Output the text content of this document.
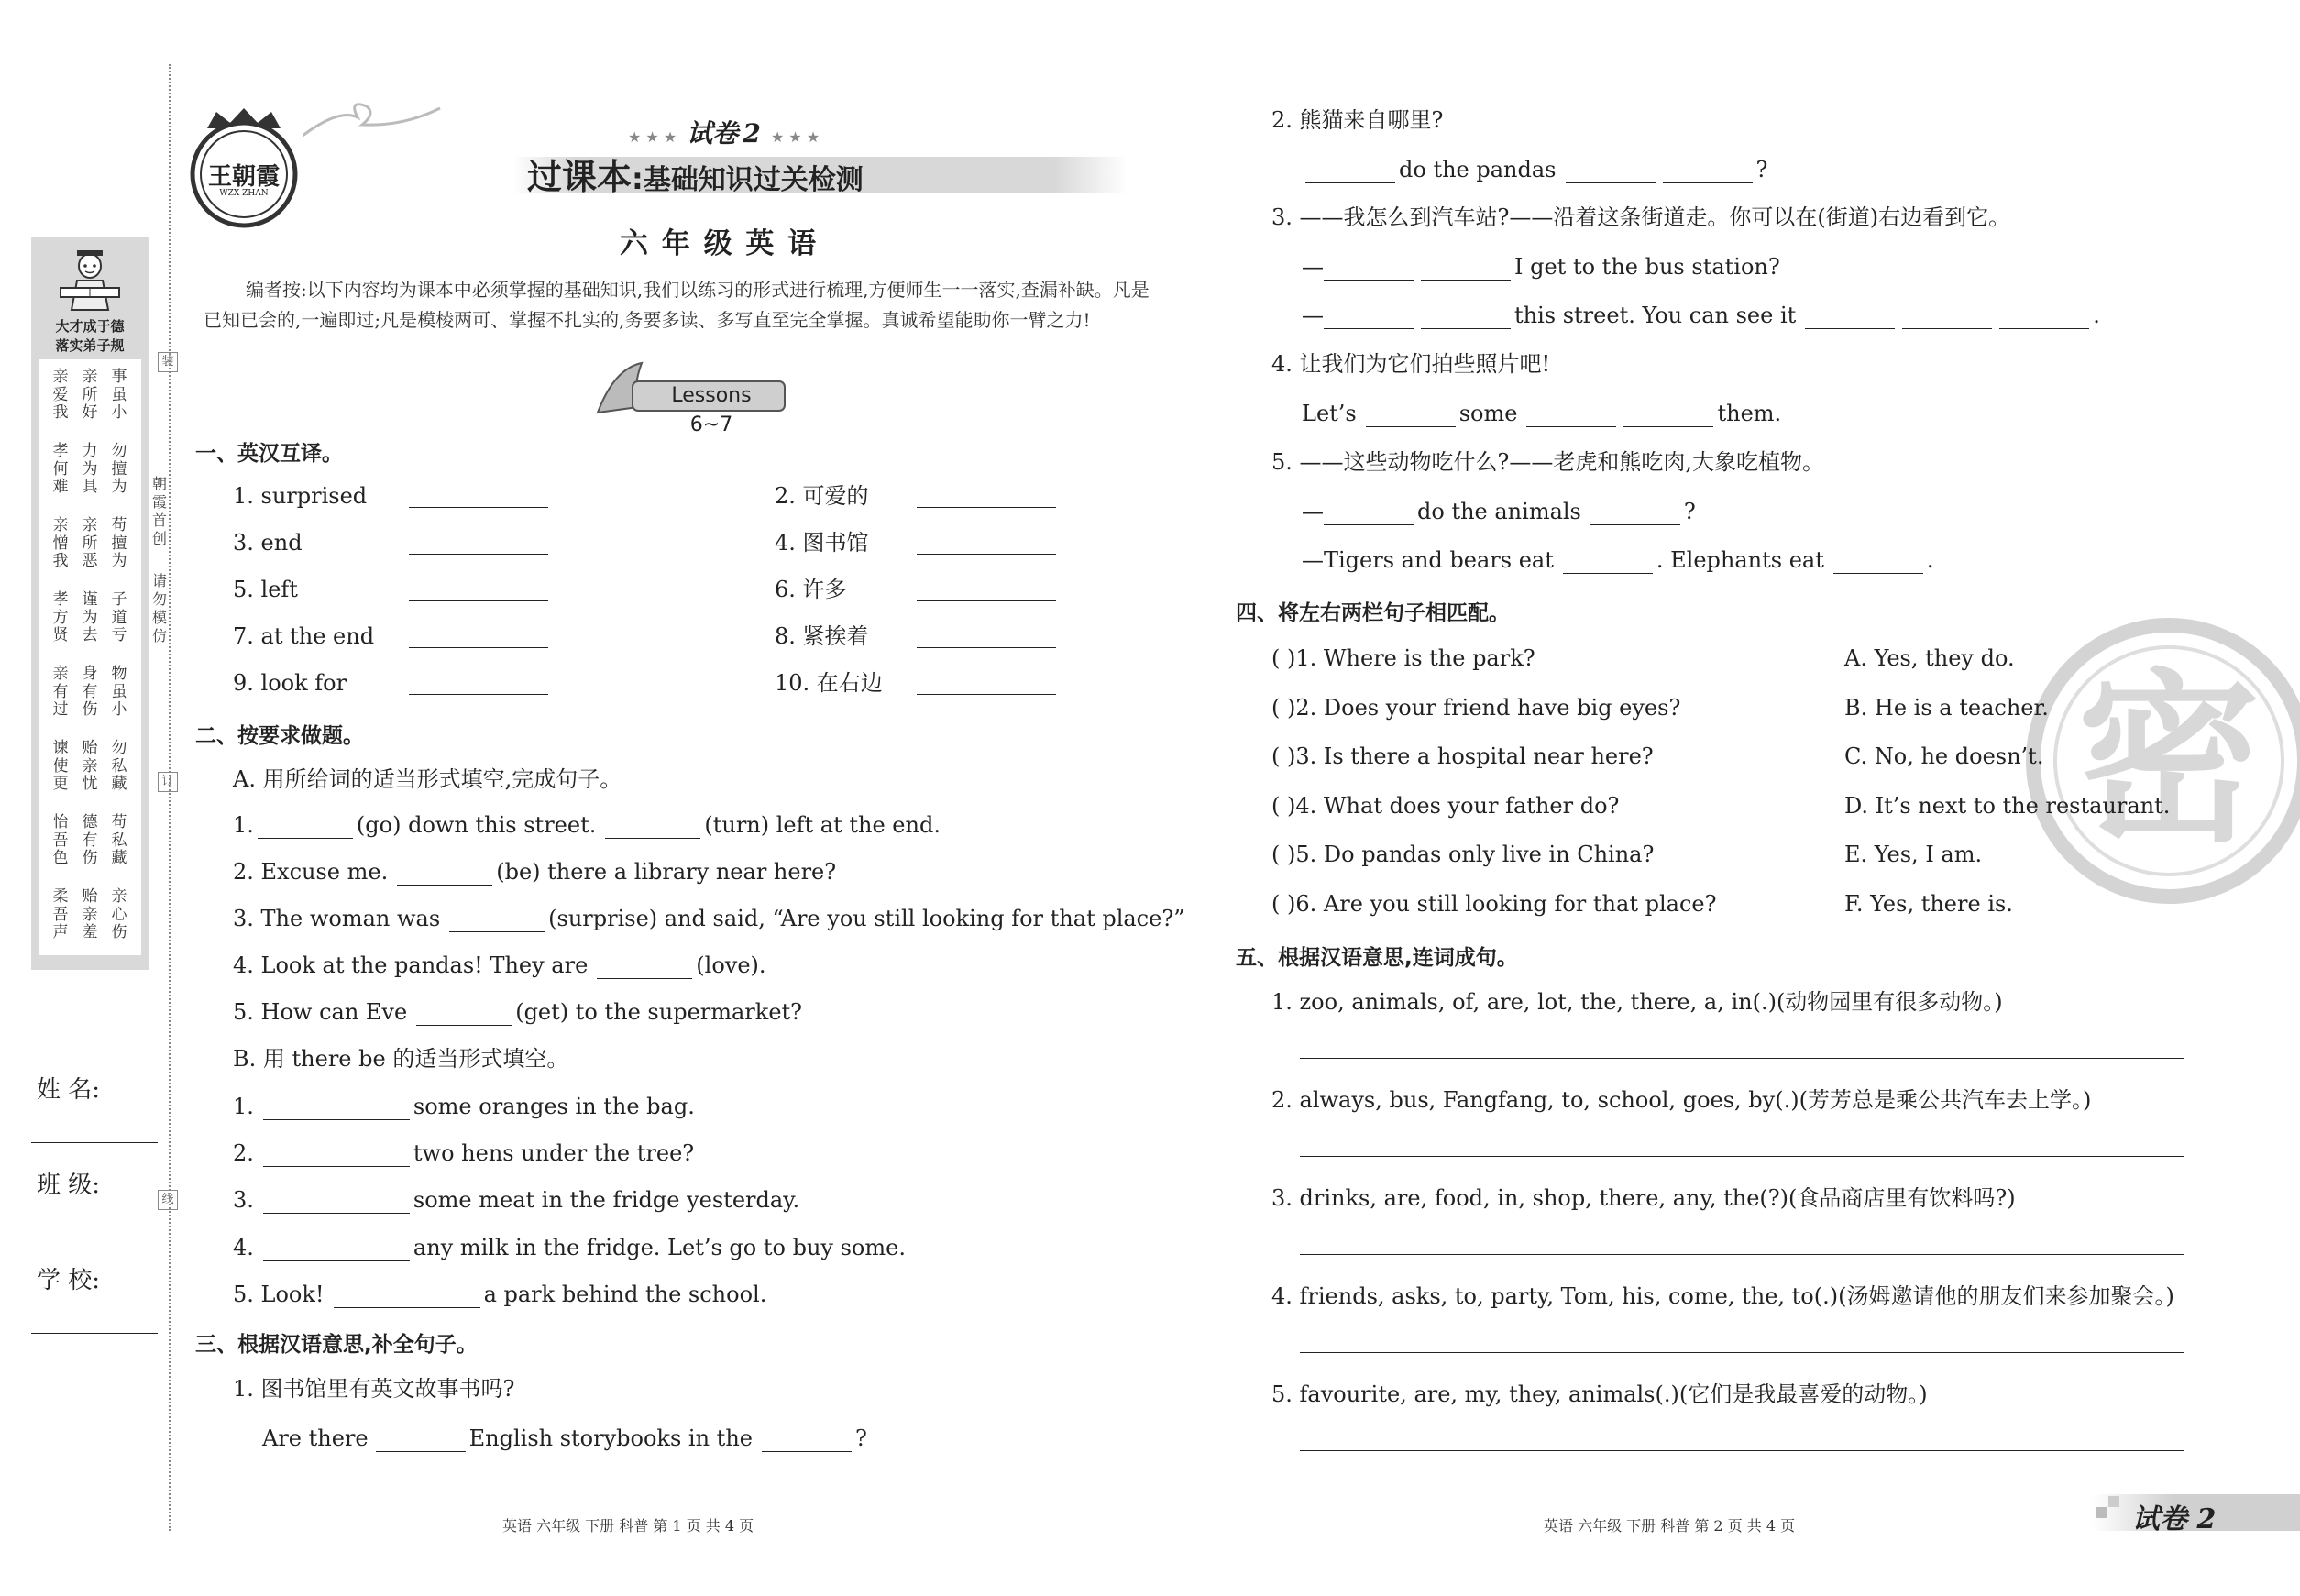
大才成于德
落实弟子规
亲爱我
亲所好
事虽小
孝何难
力为具
勿擅为
亲憎我
亲所恶
苟擅为
孝方贤
谨为去
子道亏
亲有过
身有伤
物虽小
谏使更
贻亲忧
勿私藏
怡吾色
德有伤
苟私藏
柔吾声
贻亲羞
亲心伤
朝霞首创
请勿模仿
装
订
线
姓 名:
班 级:
学 校:
王朝霞
WZX ZHAN
★ ★ ★ 试卷 2 ★ ★ ★
过课本:基础知识过关检测
六 年 级 英 语
编者按:以下内容均为课本中必须掌握的基础知识,我们以练习的形式进行梳理,方便师生一一落实,查漏补缺。凡是已知已会的,一遍即过;凡是模棱两可、掌握不扎实的,务要多读、多写直至完全掌握。真诚希望能助你一臂之力!
Lessons 6~7
一、英汉互译。
1. surprised	2. 可爱的
3. end	4. 图书馆
5. left	6. 许多
7. at the end	8. 紧挨着
9. look for	10. 在右边
二、按要求做题。
A. 用所给词的适当形式填空,完成句子。
1.	(go) down this street.	(turn) left at the end.
2. Excuse me.	(be) there a library near here?
3. The woman was	(surprise) and said, “Are you still looking for that place?”
4. Look at the pandas! They are	(love).
5. How can Eve	(get) to the supermarket?
B. 用 there be 的适当形式填空。
1.	some oranges in the bag.
2.	two hens under the tree?
3.	some meat in the fridge yesterday.
4.	any milk in the fridge. Let’s go to buy some.
5. Look!	a park behind the school.
三、根据汉语意思,补全句子。
1. 图书馆里有英文故事书吗?
Are there	English storybooks in the	?
2. 熊猫来自哪里?
do the pandas	?
3. ——我怎么到汽车站?——沿着这条街道走。你可以在(街道)右边看到它。
—	I get to the bus station?
—	this street. You can see it	.
4. 让我们为它们拍些照片吧!
Let’s	some	them.
5. ——这些动物吃什么?——老虎和熊吃肉,大象吃植物。
—	do the animals	?
—Tigers and bears eat	. Elephants eat	.
密
四、将左右两栏句子相匹配。
( )1. Where is the park?	A. Yes, they do.
( )2. Does your friend have big eyes?	B. He is a teacher.
( )3. Is there a hospital near here?	C. No, he doesn’t.
( )4. What does your father do?	D. It’s next to the restaurant.
( )5. Do pandas only live in China?	E. Yes, I am.
( )6. Are you still looking for that place?	F. Yes, there is.
五、根据汉语意思,连词成句。
1. zoo, animals, of, are, lot, the, there, a, in(.)(动物园里有很多动物。)
2. always, bus, Fangfang, to, school, goes, by(.)(芳芳总是乘公共汽车去上学。)
3. drinks, are, food, in, shop, there, any, the(?)(食品商店里有饮料吗?)
4. friends, asks, to, party, Tom, his, come, the, to(.)(汤姆邀请他的朋友们来参加聚会。)
5. favourite, are, my, they, animals(.)(它们是我最喜爱的动物。)
英语 六年级 下册 科普 第 1 页 共 4 页	英语 六年级 下册 科普 第 2 页 共 4 页	试卷 2
